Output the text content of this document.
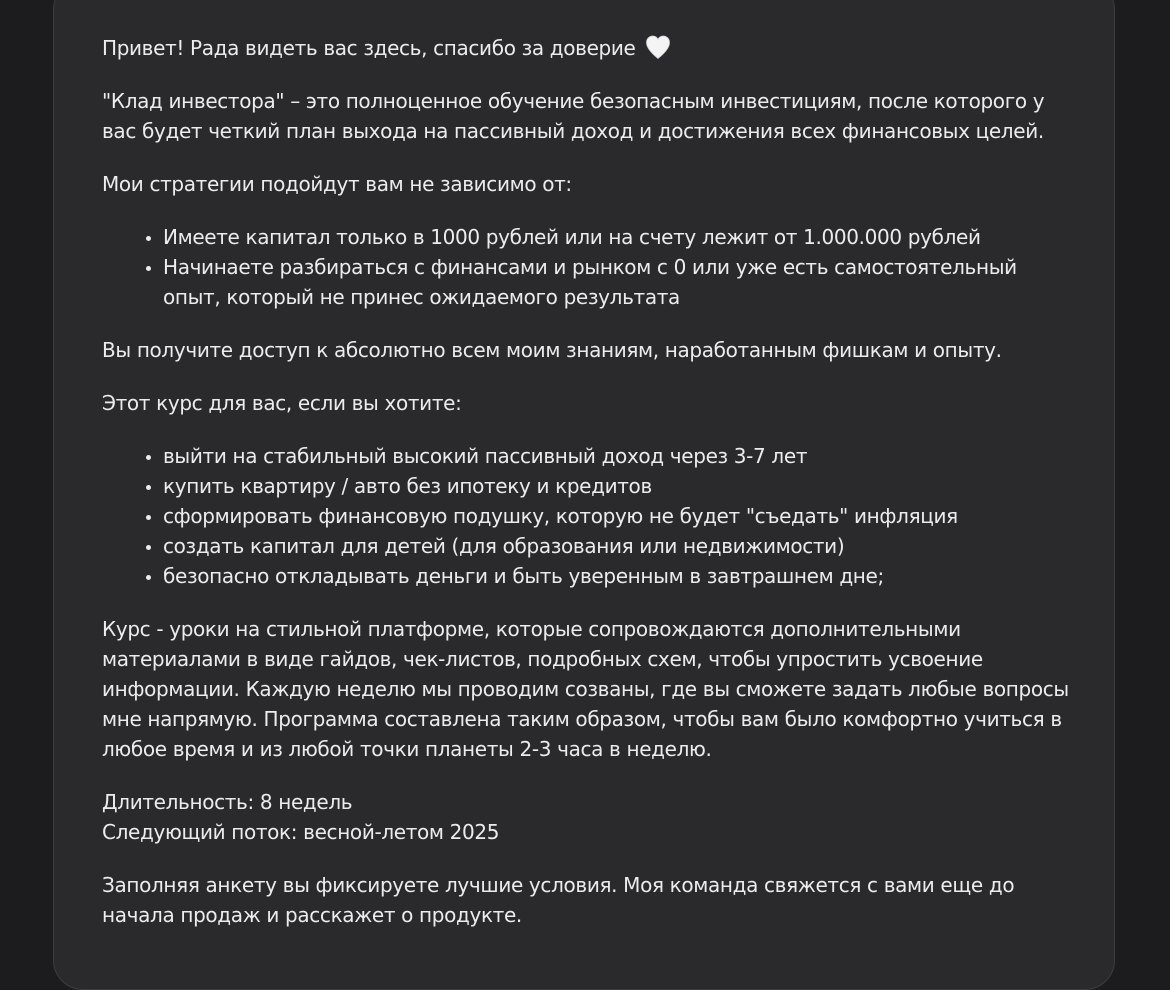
Привет! Рада видеть вас здесь, спасибо за доверие

"Клад инвестора" – это полноценное обучение безопасным инвестициям, после которого у вас будет четкий план выхода на пассивный доход и достижения всех финансовых целей.

Мои стратегии подойдут вам не зависимо от:

• Имеете капитал только в 1000 рублей или на счету лежит от 1.000.000 рублей
• Начинаете разбираться с финансами и рынком с 0 или уже есть самостоятельный опыт, который не принес ожидаемого результата

Вы получите доступ к абсолютно всем моим знаниям, наработанным фишкам и опыту.

Этот курс для вас, если вы хотите:

• выйти на стабильный высокий пассивный доход через 3-7 лет
• купить квартиру / авто без ипотеку и кредитов
• сформировать финансовую подушку, которую не будет "съедать" инфляция
• создать капитал для детей (для образования или недвижимости)
• безопасно откладывать деньги и быть уверенным в завтрашнем дне;

Курс - уроки на стильной платформе, которые сопровождаются дополнительными материалами в виде гайдов, чек-листов, подробных схем, чтобы упростить усвоение информации. Каждую неделю мы проводим созваны, где вы сможете задать любые вопросы мне напрямую. Программа составлена таким образом, чтобы вам было комфортно учиться в любое время и из любой точки планеты 2-3 часа в неделю.

Длительность: 8 недель
Следующий поток: весной-летом 2025

Заполняя анкету вы фиксируете лучшие условия. Моя команда свяжется с вами еще до начала продаж и расскажет о продукте.
